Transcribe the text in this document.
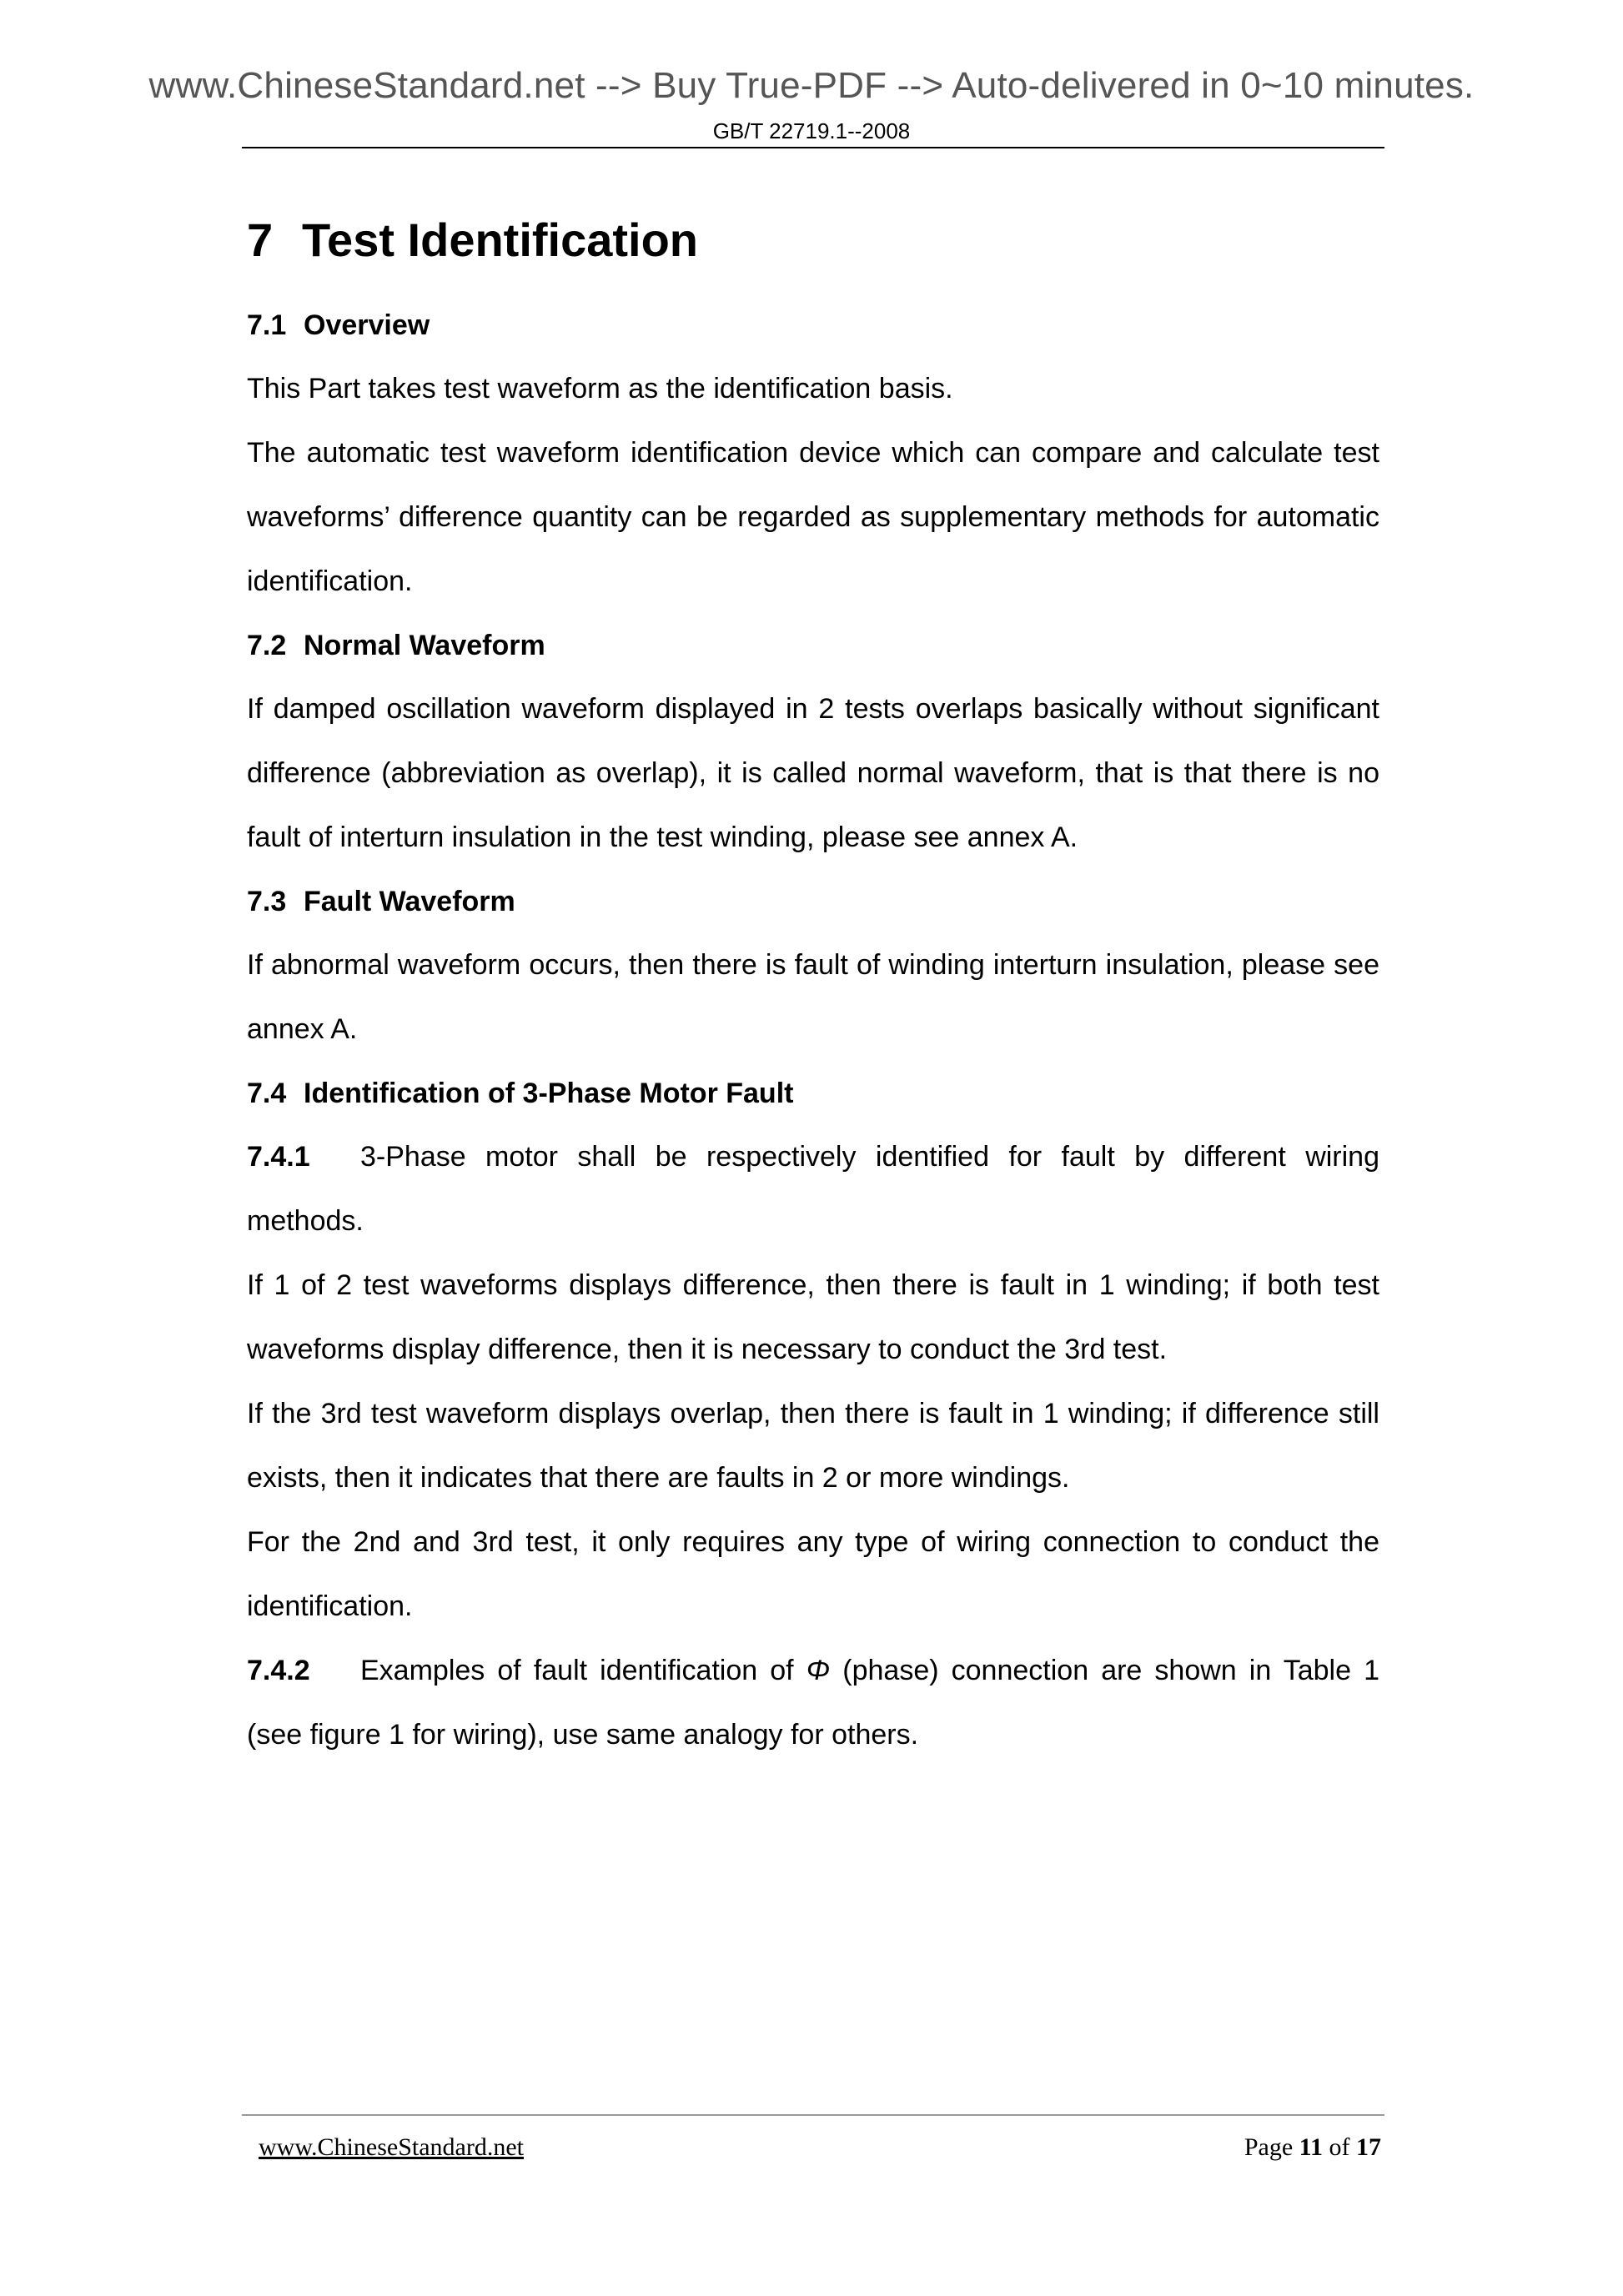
www.ChineseStandard.net --> Buy True-PDF --> Auto-delivered in 0~10 minutes.
GB/T 22719.1--2008
7 Test Identification
7.1 Overview

This Part takes test waveform as the identification basis.

The automatic test waveform identification device which can compare and calculate test waveforms’ difference quantity can be regarded as supplementary methods for automatic identification.

7.2 Normal Waveform

If damped oscillation waveform displayed in 2 tests overlaps basically without significant difference (abbreviation as overlap), it is called normal waveform, that is that there is no fault of interturn insulation in the test winding, please see annex A.

7.3 Fault Waveform

If abnormal waveform occurs, then there is fault of winding interturn insulation, please see annex A.

7.4 Identification of 3-Phase Motor Fault

7.4.1 3-Phase motor shall be respectively identified for fault by different wiring methods.

If 1 of 2 test waveforms displays difference, then there is fault in 1 winding; if both test waveforms display difference, then it is necessary to conduct the 3rd test.

If the 3rd test waveform displays overlap, then there is fault in 1 winding; if difference still exists, then it indicates that there are faults in 2 or more windings.

For the 2nd and 3rd test, it only requires any type of wiring connection to conduct the identification.

7.4.2 Examples of fault identification of Φ (phase) connection are shown in Table 1 (see figure 1 for wiring), use same analogy for others.

www.ChineseStandard.net	Page 11 of 17
